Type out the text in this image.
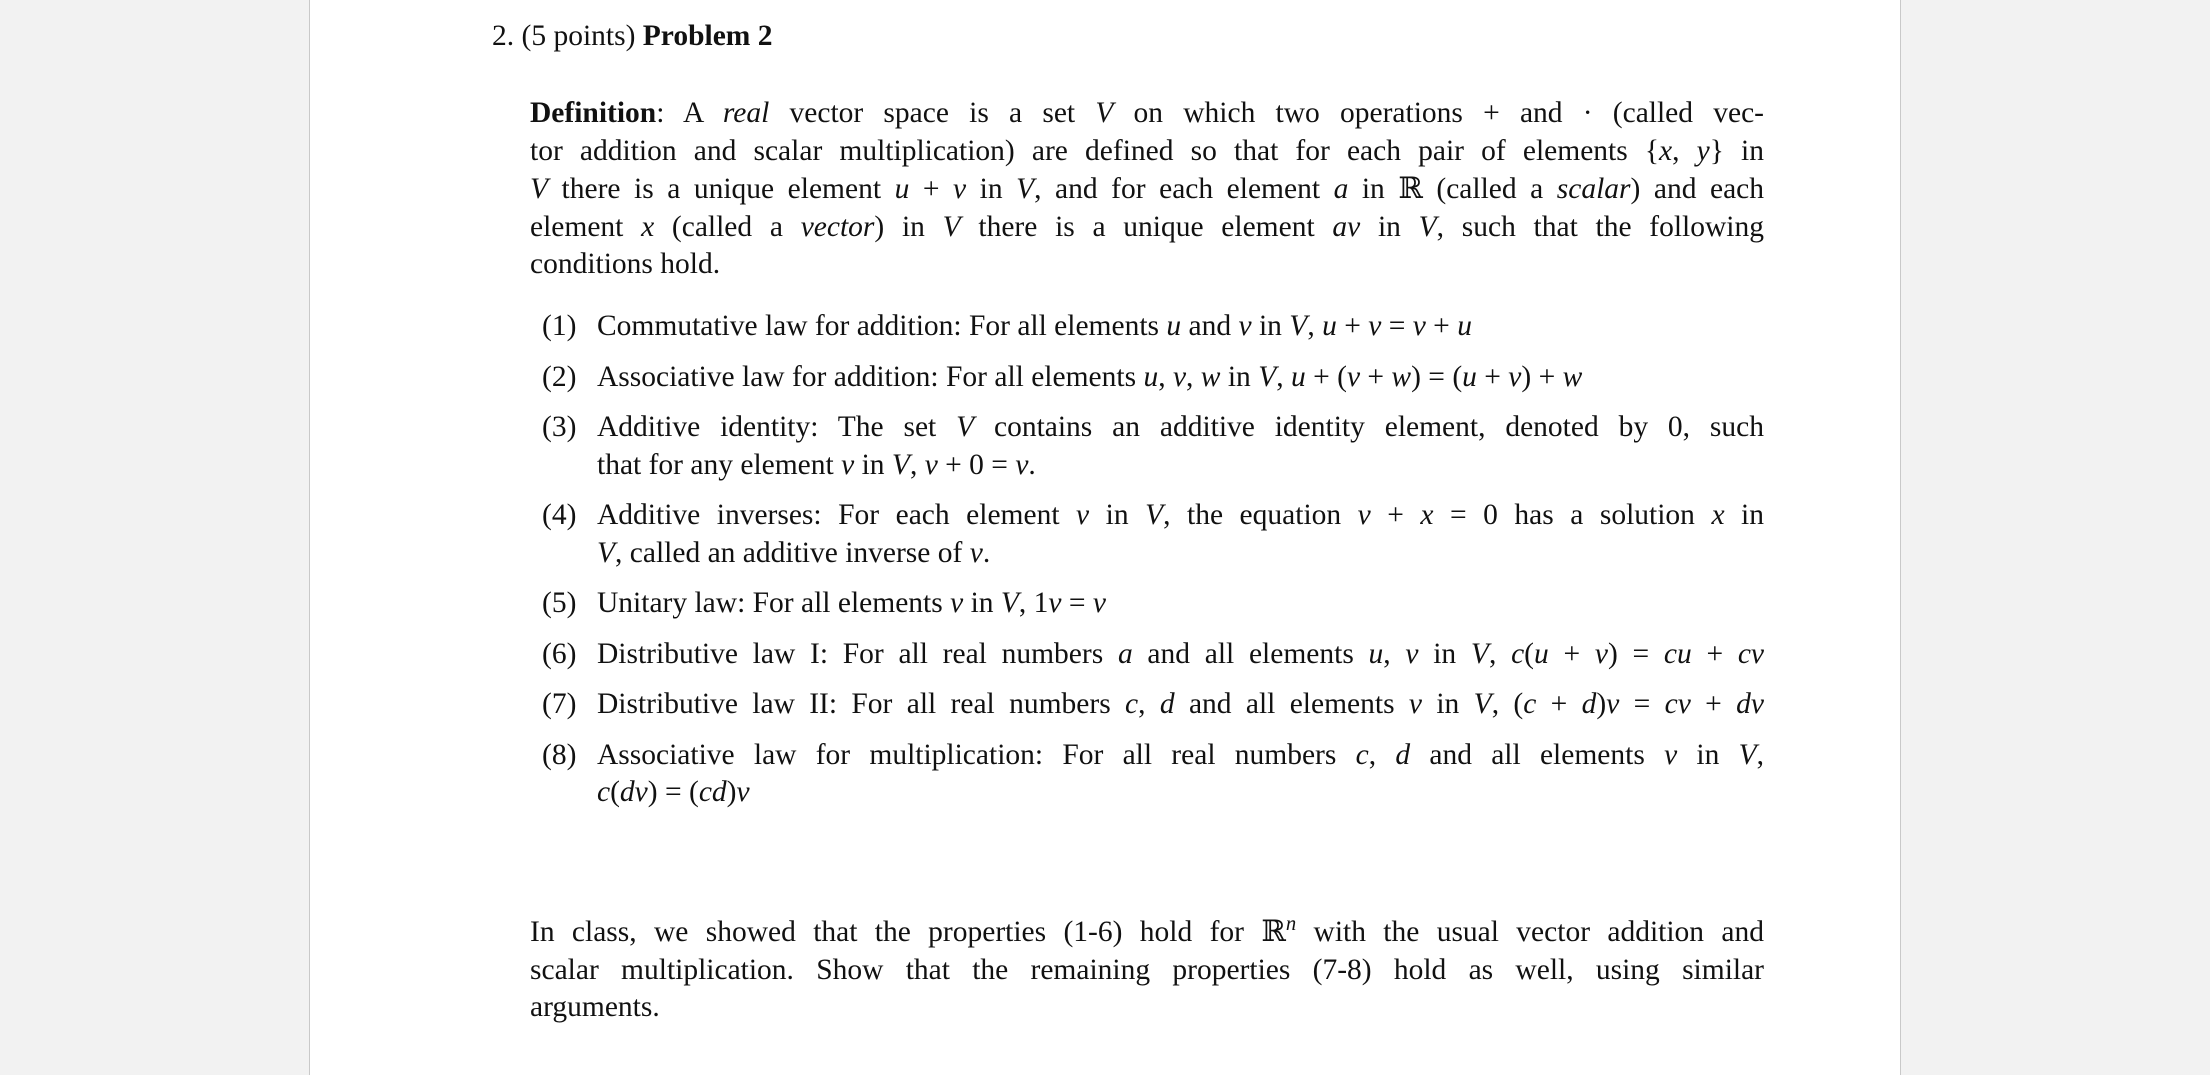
2. (5 points) Problem 2
Definition: A real vector space is a set V on which two operations + and · (called vec-
tor addition and scalar multiplication) are defined so that for each pair of elements {x, y} in
V there is a unique element u + v in V, and for each element a in ℝ (called a scalar) and each
element x (called a vector) in V there is a unique element av in V, such that the following
conditions hold.
(1) Commutative law for addition: For all elements u and v in V, u + v = v + u
(2) Associative law for addition: For all elements u, v, w in V, u + (v + w) = (u + v) + w
(3) Additive identity: The set V contains an additive identity element, denoted by 0, such
that for any element v in V, v + 0 = v.
(4) Additive inverses: For each element v in V, the equation v + x = 0 has a solution x in
V, called an additive inverse of v.
(5) Unitary law: For all elements v in V, 1v = v
(6) Distributive law I: For all real numbers a and all elements u, v in V, c(u + v) = cu + cv
(7) Distributive law II: For all real numbers c, d and all elements v in V, (c + d)v = cv + dv
(8) Associative law for multiplication: For all real numbers c, d and all elements v in V,
c(dv) = (cd)v
In class, we showed that the properties (1-6) hold for ℝ$^n$ with the usual vector addition and
scalar multiplication. Show that the remaining properties (7-8) hold as well, using similar
arguments.
